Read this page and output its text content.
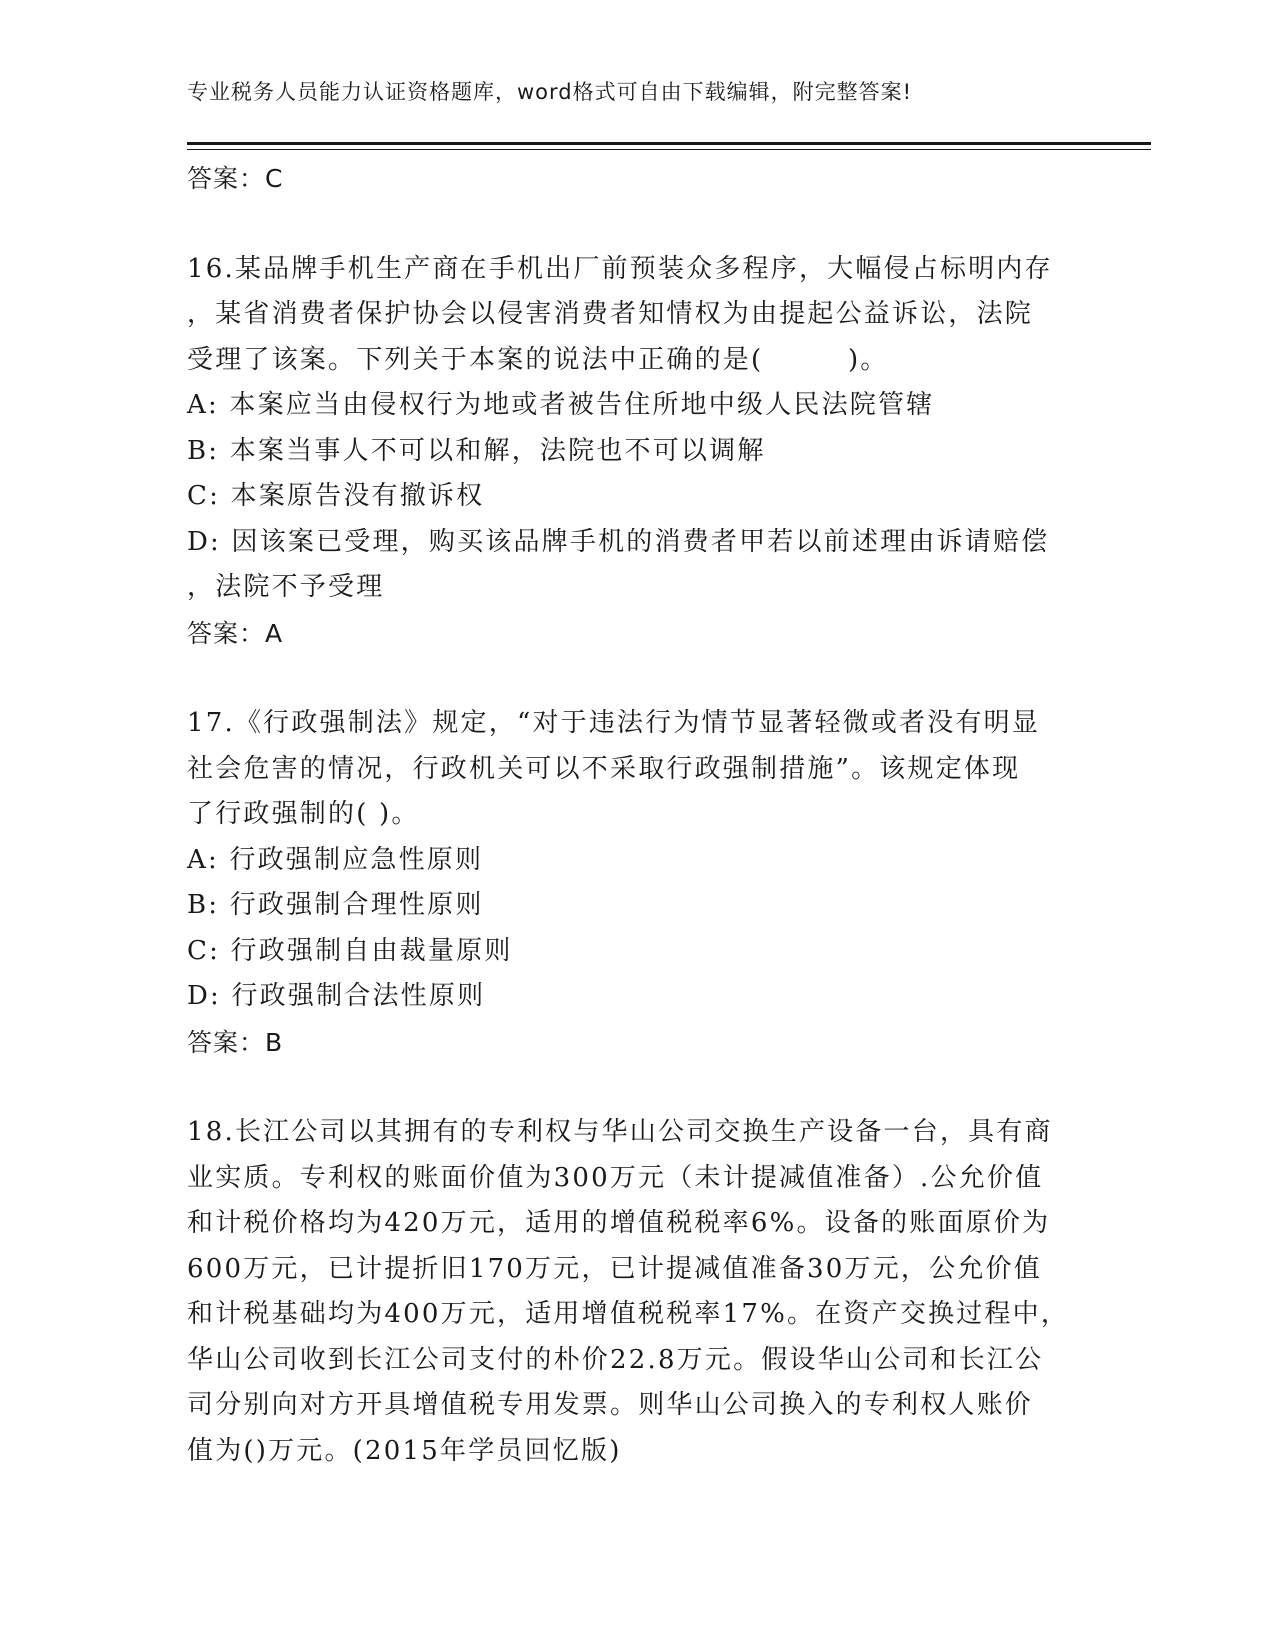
专业税务人员能力认证资格题库，word格式可自由下载编辑，附完整答案!
答案：C
16.某品牌手机生产商在手机出厂前预装众多程序，大幅侵占标明内存
，某省消费者保护协会以侵害消费者知情权为由提起公益诉讼，法院
受理了该案。下列关于本案的说法中正确的是(　　　)。
A: 本案应当由侵权行为地或者被告住所地中级人民法院管辖
B: 本案当事人不可以和解，法院也不可以调解
C: 本案原告没有撤诉权
D: 因该案已受理，购买该品牌手机的消费者甲若以前述理由诉请赔偿
，法院不予受理
答案：A
17.《行政强制法》规定，“对于违法行为情节显著轻微或者没有明显
社会危害的情况，行政机关可以不采取行政强制措施”。该规定体现
了行政强制的( )。
A: 行政强制应急性原则
B: 行政强制合理性原则
C: 行政强制自由裁量原则
D: 行政强制合法性原则
答案：B
18.长江公司以其拥有的专利权与华山公司交换生产设备一台，具有商
业实质。专利权的账面价值为300万元（未计提减值准备）.公允价值
和计税价格均为420万元，适用的增值税税率6%。设备的账面原价为
600万元，已计提折旧170万元，已计提减值准备30万元，公允价值
和计税基础均为400万元，适用增值税税率17%。在资产交换过程中，
华山公司收到长江公司支付的朴价22.8万元。假设华山公司和长江公
司分别向对方开具增值税专用发票。则华山公司换入的专利权人账价
值为()万元。(2015年学员回忆版)
